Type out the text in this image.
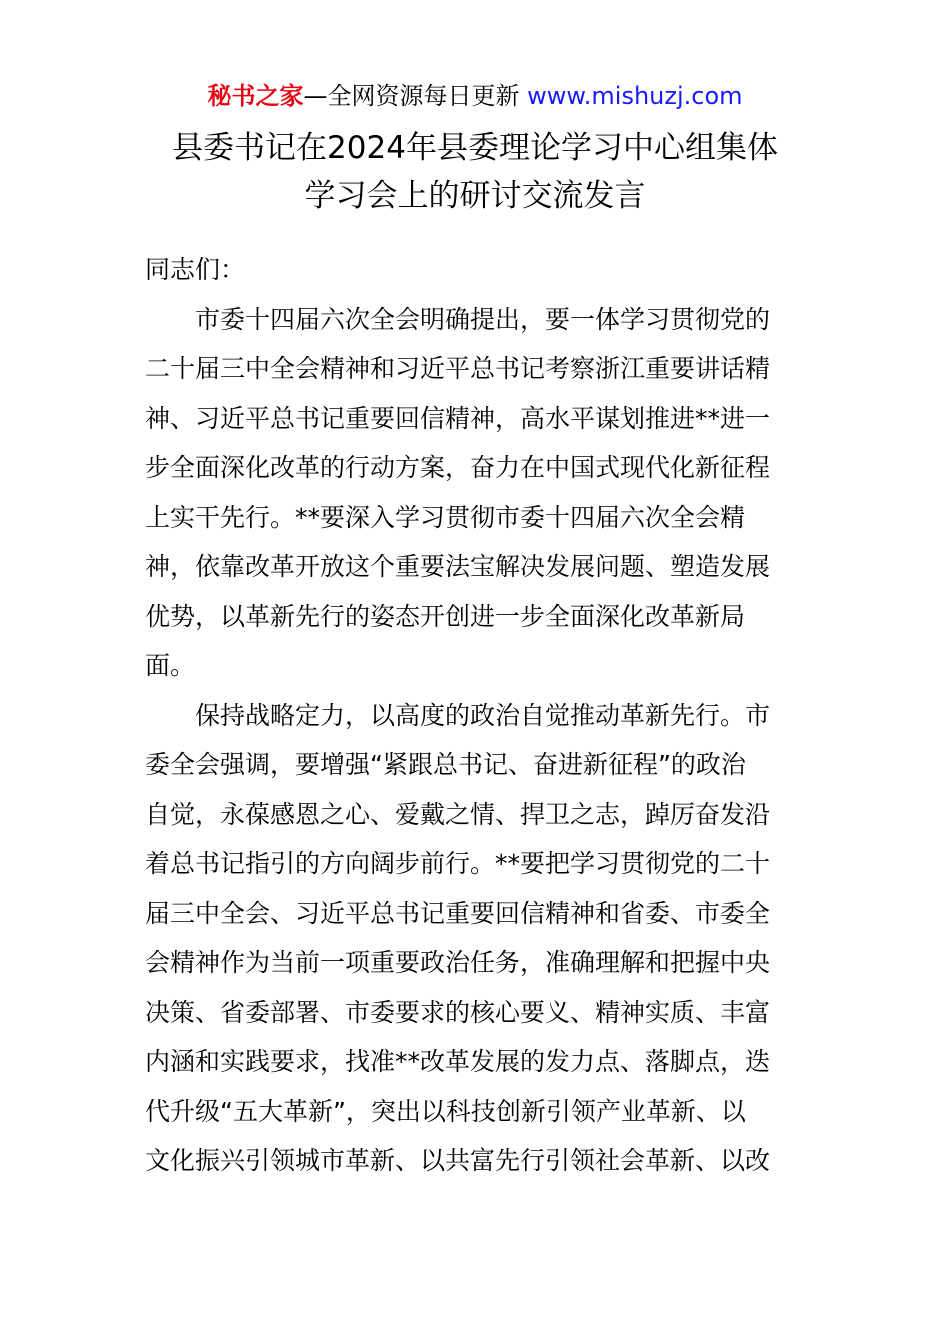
秘书之家—全网资源每日更新 www.mishuzj.com
县委书记在2024年县委理论学习中心组集体
学习会上的研讨交流发言
同志们：
市委十四届六次全会明确提出，要一体学习贯彻党的
二十届三中全会精神和习近平总书记考察浙江重要讲话精
神、习近平总书记重要回信精神，高水平谋划推进**进一
步全面深化改革的行动方案，奋力在中国式现代化新征程
上实干先行。**要深入学习贯彻市委十四届六次全会精
神，依靠改革开放这个重要法宝解决发展问题、塑造发展
优势，以革新先行的姿态开创进一步全面深化改革新局
面。
保持战略定力，以高度的政治自觉推动革新先行。市
委全会强调，要增强“紧跟总书记、奋进新征程”的政治
自觉，永葆感恩之心、爱戴之情、捍卫之志，踔厉奋发沿
着总书记指引的方向阔步前行。**要把学习贯彻党的二十
届三中全会、习近平总书记重要回信精神和省委、市委全
会精神作为当前一项重要政治任务，准确理解和把握中央
决策、省委部署、市委要求的核心要义、精神实质、丰富
内涵和实践要求，找准**改革发展的发力点、落脚点，迭
代升级“五大革新”，突出以科技创新引领产业革新、以
文化振兴引领城市革新、以共富先行引领社会革新、以改
